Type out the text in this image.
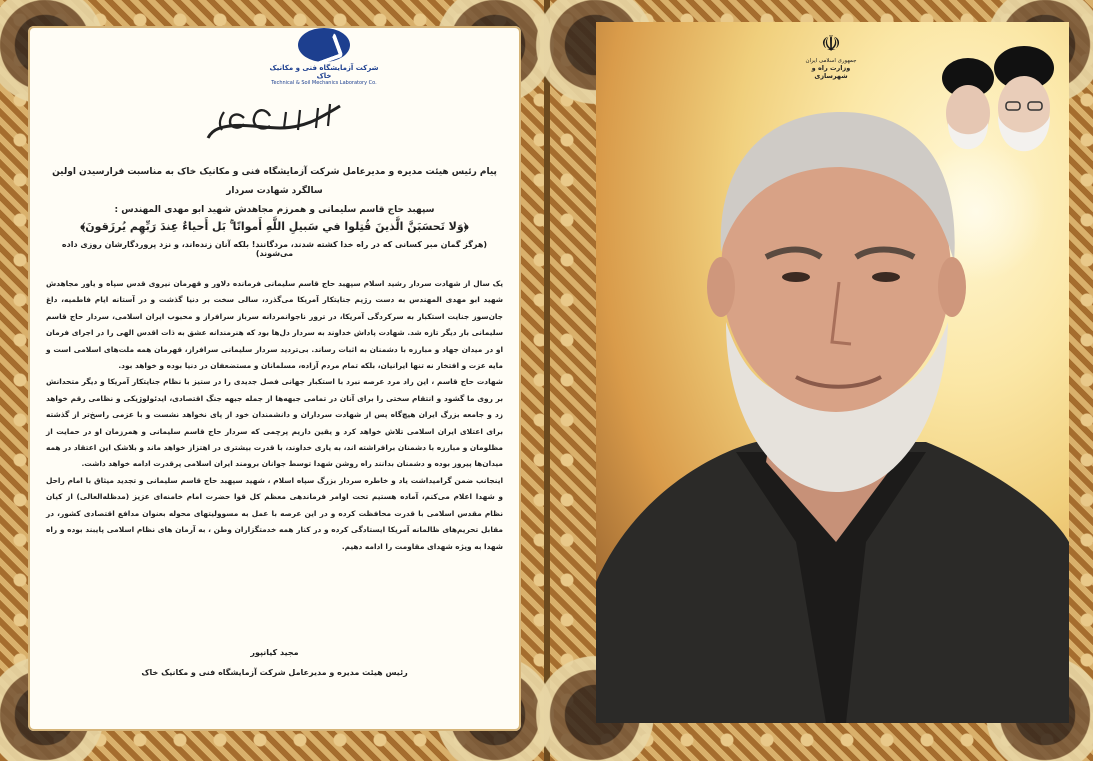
شرکت آزمایشگاه فنی و مکانیک خاک
Technical & Soil Mechanics Laboratory Co.
پیام رئیس هیئت مدیره و مدیرعامل شرکت آزمایشگاه فنی و مکانیک خاک به مناسبت فرارسیدن اولین سالگرد شهادت سردار
سپهبد حاج قاسم سلیمانی و همرزم مجاهدش شهید ابو مهدی المهندس :
﴿وَلا تَحسَبَنَّ الَّذينَ قُتِلوا في سَبيلِ اللَّهِ أَمواتًا ۚ بَل أَحياءٌ عِندَ رَبِّهِم يُرزَقونَ﴾
(هرگز گمان مبر کسانی که در راه خدا کشته شدند، مردگانند! بلکه آنان زنده‌اند، و نزد پروردگارشان روزی داده می‌شوند)

یک سال از شهادت سردار رشید اسلام سپهبد حاج قاسم سلیمانی فرمانده دلاور و قهرمان نیروی قدس سپاه و یاور مجاهدش شهید ابو مهدی المهندس به دست رژیم جنایتکار آمریکا می‌گذرد، سالی سخت بر دنیا گذشت و در آستانه ایام فاطمیه، داغ جان‌سوز جنایت استکبار به سرکردگی آمریکا، در ترور ناجوانمردانه سرباز سرافراز و محبوب ایران اسلامی، سردار حاج قاسم سلیمانی بار دیگر تازه شد. شهادت پاداش خداوند به سردار دل‌ها بود که هنرمندانه عشق به ذات اقدس الهی را در اجرای فرمان او در میدان جهاد و مبارزه با دشمنان به اثبات رساند. بی‌تردید سردار سلیمانی سرافراز، قهرمان همه ملت‌های اسلامی است و مایه عزت و افتخار نه تنها ایرانیان، بلکه تمام مردم آزاده، مسلمانان و مستضعفان در دنیا بوده و خواهد بود.

شهادت حاج قاسم ، این راد مرد عرصه نبرد با استکبار جهانی فصل جدیدی را در ستیز با نظام جنایتکار آمریکا و دیگر متحدانش بر روی ما گشود و انتقام سختی را برای آنان در تمامی جبهه‌ها از جمله جبهه جنگ اقتصادی، ایدئولوژیکی و نظامی رقم خواهد زد و جامعه بزرگ ایران هیچ‌گاه پس از شهادت سرداران و دانشمندان خود از پای نخواهد نشست و با عزمی راسخ‌تر از گذشته برای اعتلای ایران اسلامی تلاش خواهد کرد و یقین داریم پرچمی که سردار حاج قاسم سلیمانی و همرزمان او در حمایت از مظلومان و مبارزه با دشمنان برافراشته اند، به یاری خداوند، با قدرت بیشتری در اهتزاز خواهد ماند و بلاشک این اعتقاد در همه میدان‌ها پیروز بوده و دشمنان بدانند راه روشن شهدا توسط جوانان برومند ایران اسلامی پرقدرت ادامه خواهد داشت.

اینجانب ضمن گرامیداشت یاد و خاطره سردار بزرگ سپاه اسلام ، شهید سپهبد حاج قاسم سلیمانی و تجدید میثاق با امام راحل و شهدا اعلام می‌کنم، آماده هستیم تحت اوامر فرماندهی معظم کل قوا حضرت امام خامنه‌ای عزیز (مدظله‌العالی) از کیان نظام مقدس اسلامی با قدرت محافظت کرده و در این عرصه با عمل به مسوولیتهای محوله بعنوان مدافع اقتصادی کشور، در مقابل تحریم‌های ظالمانه آمریکا ایستادگی کرده و در کنار همه خدمتگزاران وطن ، به آرمان های نظام اسلامی پایبند بوده و راه شهدا به ویژه شهدای مقاومت را ادامه دهیم.

مجید کیانپور
رئیس هیئت مدیره و مدیرعامل شرکت آزمایشگاه فنی و مکانیک خاک
☫
جمهوری اسلامی ایران
وزارت راه و شهرسازی
